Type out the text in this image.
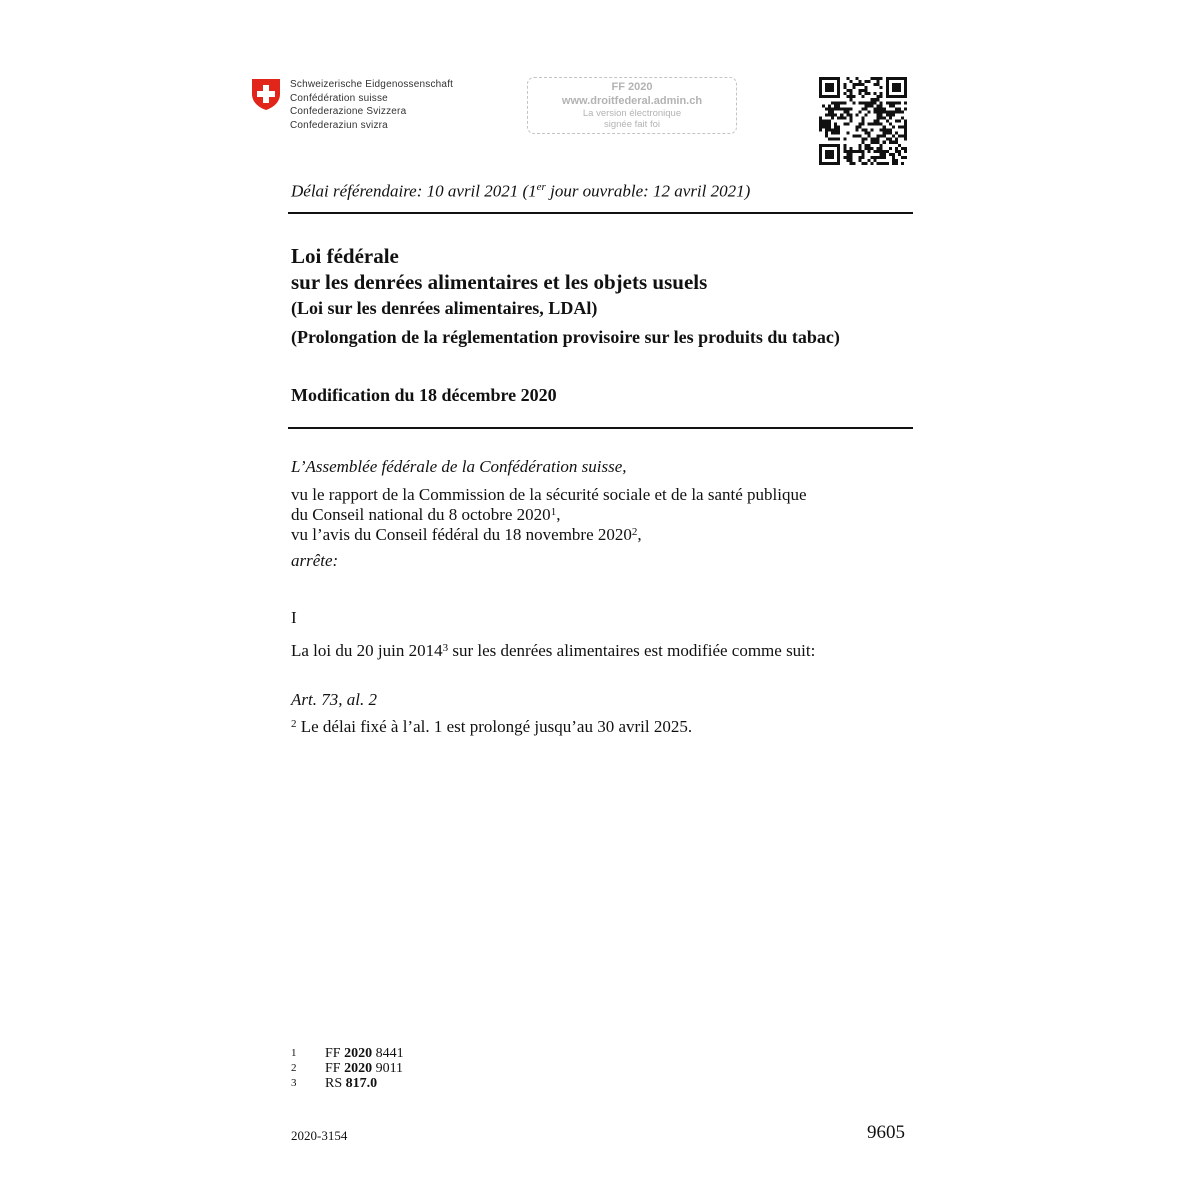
Schweizerische Eidgenossenschaft
Confédération suisse
Confederazione Svizzera
Confederaziun svizra
FF 2020
www.droitfederal.admin.ch
La version électronique
signée fait foi
Délai référendaire: 10 avril 2021 (1er jour ouvrable: 12 avril 2021)
Loi fédérale
sur les denrées alimentaires et les objets usuels
(Loi sur les denrées alimentaires, LDAl)
(Prolongation de la réglementation provisoire sur les produits du tabac)
Modification du 18 décembre 2020
L’Assemblée fédérale de la Confédération suisse,
vu le rapport de la Commission de la sécurité sociale et de la santé publique
du Conseil national du 8 octobre 2020$^1$,
vu l’avis du Conseil fédéral du 18 novembre 2020$^2$,
arrête:
I
La loi du 20 juin 2014$^3$ sur les denrées alimentaires est modifiée comme suit:
Art. 73, al. 2
$^2$ Le délai fixé à l’al. 1 est prolongé jusqu’au 30 avril 2025.
1	FF 2020 8441
2	FF 2020 9011
3	RS 817.0
2020-3154	9605
